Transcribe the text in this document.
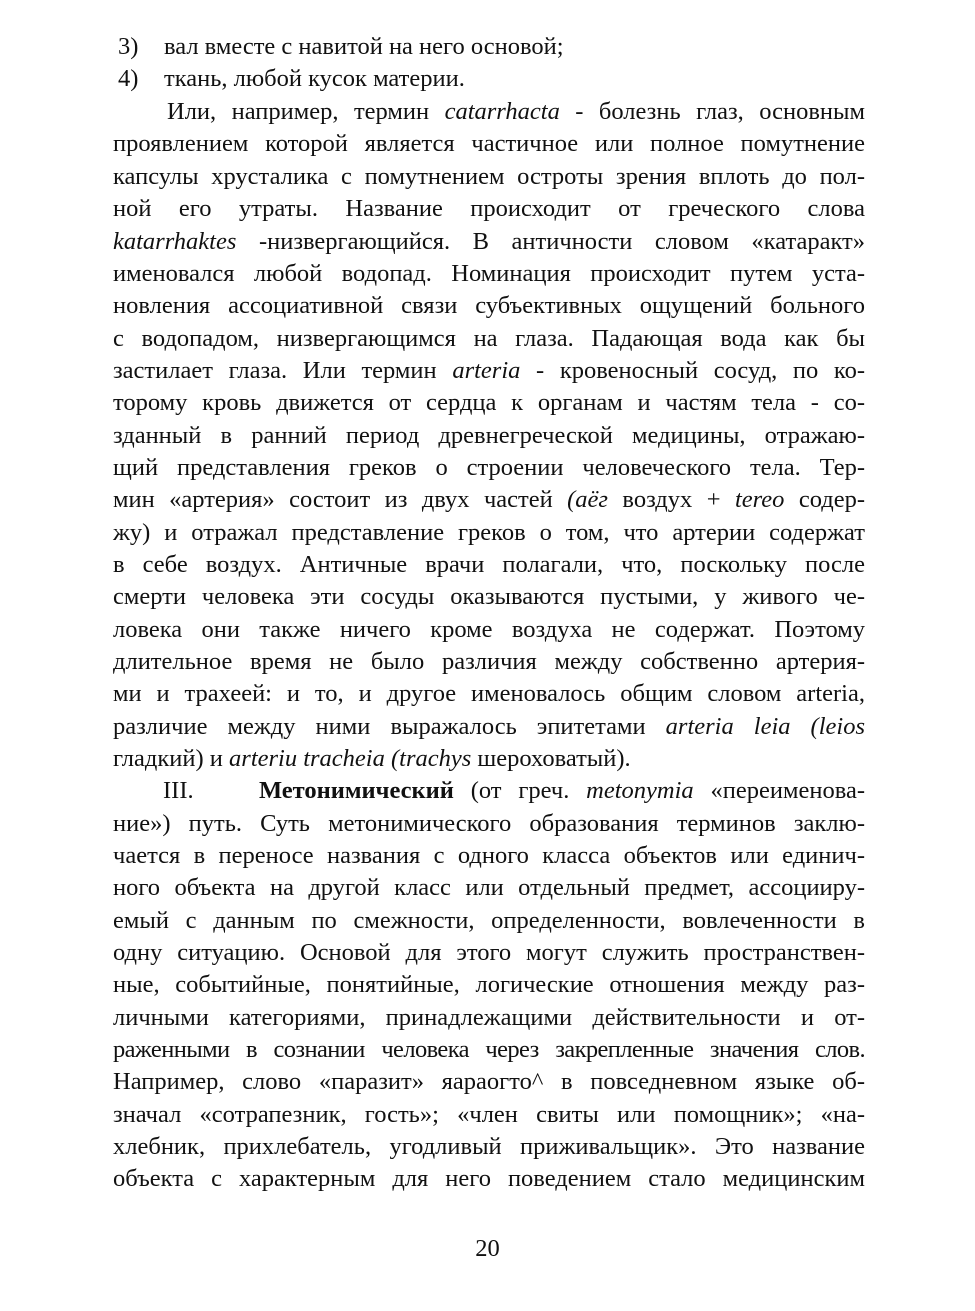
3) вал вместе с навитой на него основой;
4) ткань, любой кусок материи.
Или, например, термин catarrhacta - болезнь глаз, основным
проявлением которой является частичное или полное помутнение
капсулы хрусталика с помутнением остроты зрения вплоть до пол-
ной его утраты. Название происходит от греческого слова
katarrhaktes -низвергающийся. В античности словом «катаракт»
именовался любой водопад. Номинация происходит путем уста-
новления ассоциативной связи субъективных ощущений больного
с водопадом, низвергающимся на глаза. Падающая вода как бы
застилает глаза. Или термин arteria - кровеносный сосуд, по ко-
торому кровь движется от сердца к органам и частям тела - со-
зданный в ранний период древнегреческой медицины, отражаю-
щий представления греков о строении человеческого тела. Тер-
мин «артерия» состоит из двух частей (аёг воздух + tereo содер-
жу) и отражал представление греков о том, что артерии содержат
в себе воздух. Античные врачи полагали, что, поскольку после
смерти человека эти сосуды оказываются пустыми, у живого че-
ловека они также ничего кроме воздуха не содержат. Поэтому
длительное время не было различия между собственно артерия-
ми и трахеей: и то, и другое именовалось общим словом arteria,
различие между ними выражалось эпитетами arteria leia (leios
гладкий) и arteriu tracheia (trachys шероховатый).
III.	Метонимический (от греч. metonymia «переименова-
ние») путь. Суть метонимического образования терминов заклю-
чается в переносе названия с одного класса объектов или единич-
ного объекта на другой класс или отдельный предмет, ассоцииру-
емый с данным по смежности, определенности, вовлеченности в
одну ситуацию. Основой для этого могут служить пространствен-
ные, событийные, понятийные, логические отношения между раз-
личными категориями, принадлежащими действительности и от-
раженными в сознании человека через закрепленные значения слов.
Например, слово «паразит» яараогто^ в повседневном языке об-
значал «сотрапезник, гость»; «член свиты или помощник»; «на-
хлебник, прихлебатель, угодливый приживальщик». Это название
объекта с характерным для него поведением стало медицинским
20
